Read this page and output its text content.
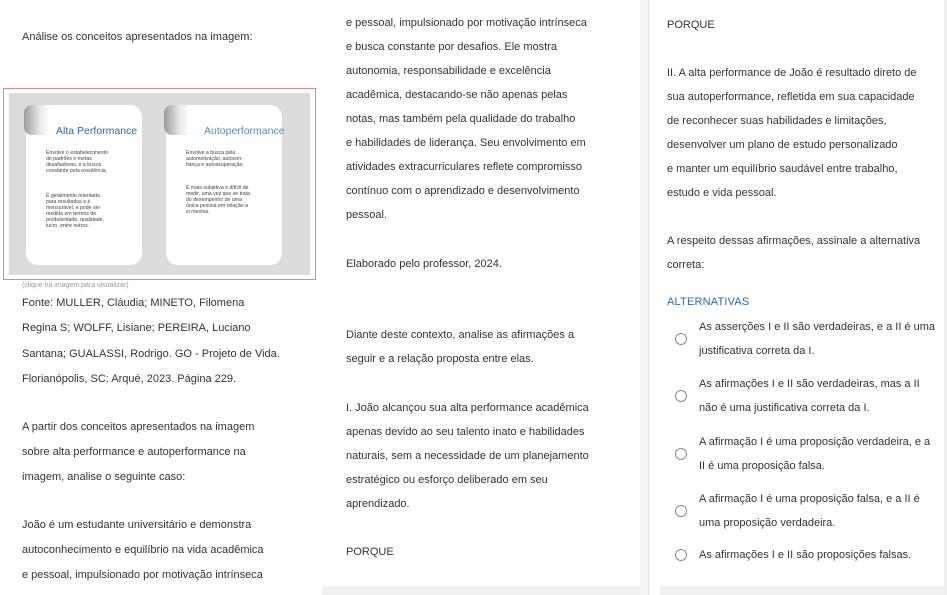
Análise os conceitos apresentados na imagem:
Alta Performance
Envolve o estabelecimento
de padrões e metas
desafiadoras, e a busca
constante pela excelência.
É geralmente orientada
para resultados e é
mensurável, e pode ser
medida em termos de
produtividade, qualidade,
lucro, entre outros.
Autoperformance
Envolve a busca pela
automotivação, autocon-
fiança e autossuperação.
É mais subjetiva e difícil de
medir, uma vez que se trata
do desempenho de uma
única pessoa em relação a
si mesma.
(clique na imagem para visualizar)
Fonte: MULLER, Cláudia; MINETO, Filomena
Regina S; WOLFF, Lisiane; PEREIRA, Luciano
Santana; GUALASSI, Rodrigo. GO - Projeto de Vida.
Florianópolis, SC: Arqué, 2023. Página 229.
A partir dos conceitos apresentados na imagem
sobre alta performance e autoperformance na
imagem, analise o seguinte caso:
João é um estudante universitário e demonstra
autoconhecimento e equilíbrio na vida acadêmica
e pessoal, impulsionado por motivação intrínseca
e pessoal, impulsionado por motivação intrínseca
e busca constante por desafios. Ele mostra
autonomia, responsabilidade e excelência
acadêmica, destacando-se não apenas pelas
notas, mas também pela qualidade do trabalho
e habilidades de liderança. Seu envolvimento em
atividades extracurriculares reflete compromisso
contínuo com o aprendizado e desenvolvimento
pessoal.
Elaborado pelo professor, 2024.
Diante deste contexto, analise as afirmações a
seguir e a relação proposta entre elas.
I. João alcançou sua alta performance acadêmica
apenas devido ao seu talento inato e habilidades
naturais, sem a necessidade de um planejamento
estratégico ou esforço deliberado em seu
aprendizado.
PORQUE
PORQUE
II. A alta performance de João é resultado direto de
sua autoperformance, refletida em sua capacidade
de reconhecer suas habilidades e limitações,
desenvolver um plano de estudo personalizado
e manter um equilíbrio saudável entre trabalho,
estudo e vida pessoal.
A respeito dessas afirmações, assinale a alternativa
correta:
ALTERNATIVAS
As asserções I e II são verdadeiras, e a II é uma
justificativa correta da I.
As afirmações I e II são verdadeiras, mas a II
não é uma justificativa correta da I.
A afirmação I é uma proposição verdadeira, e a
II é uma proposição falsa.
A afirmação I é uma proposição falsa, e a II é
uma proposição verdadeira.
As afirmações I e II são proposições falsas.
